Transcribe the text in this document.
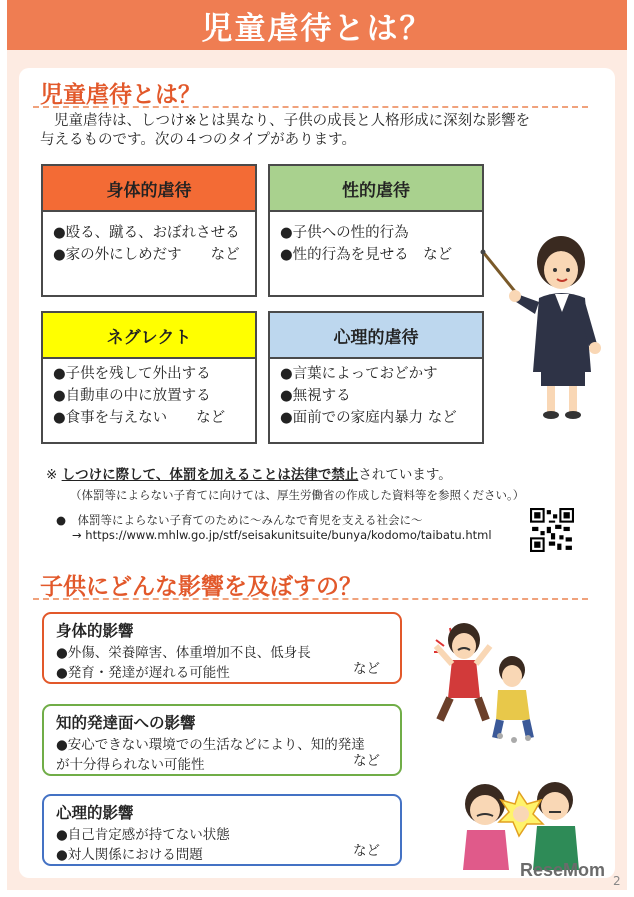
児童虐待とは？
児童虐待とは？
児童虐待は、しつけ※とは異なり、子供の成長と人格形成に深刻な影響を
与えるものです。次の４つのタイプがあります。
身体的虐待
●殴る、蹴る、おぼれさせる
●家の外にしめだす　　など
性的虐待
●子供への性的行為
●性的行為を見せる　など
ネグレクト
●子供を残して外出する
●自動車の中に放置する
●食事を与えない　　など
心理的虐待
●言葉によっておどかす
●無視する
●面前での家庭内暴力 など
※ しつけに際して、体罰を加えることは法律で禁止されています。
（体罰等によらない子育てに向けては、厚生労働省の作成した資料等を参照ください。）
●　体罰等によらない子育てのために～みんなで育児を支える社会に～
→ https://www.mhlw.go.jp/stf/seisakunitsuite/bunya/kodomo/taibatu.html
子供にどんな影響を及ぼすの？
身体的影響
●外傷、栄養障害、体重増加不良、低身長
●発育・発達が遅れる可能性	など
知的発達面への影響
●安心できない環境での生活などにより、知的発達
が十分得られない可能性	など
心理的影響
●自己肯定感が持てない状態
●対人関係における問題	など
ReseMom
2
